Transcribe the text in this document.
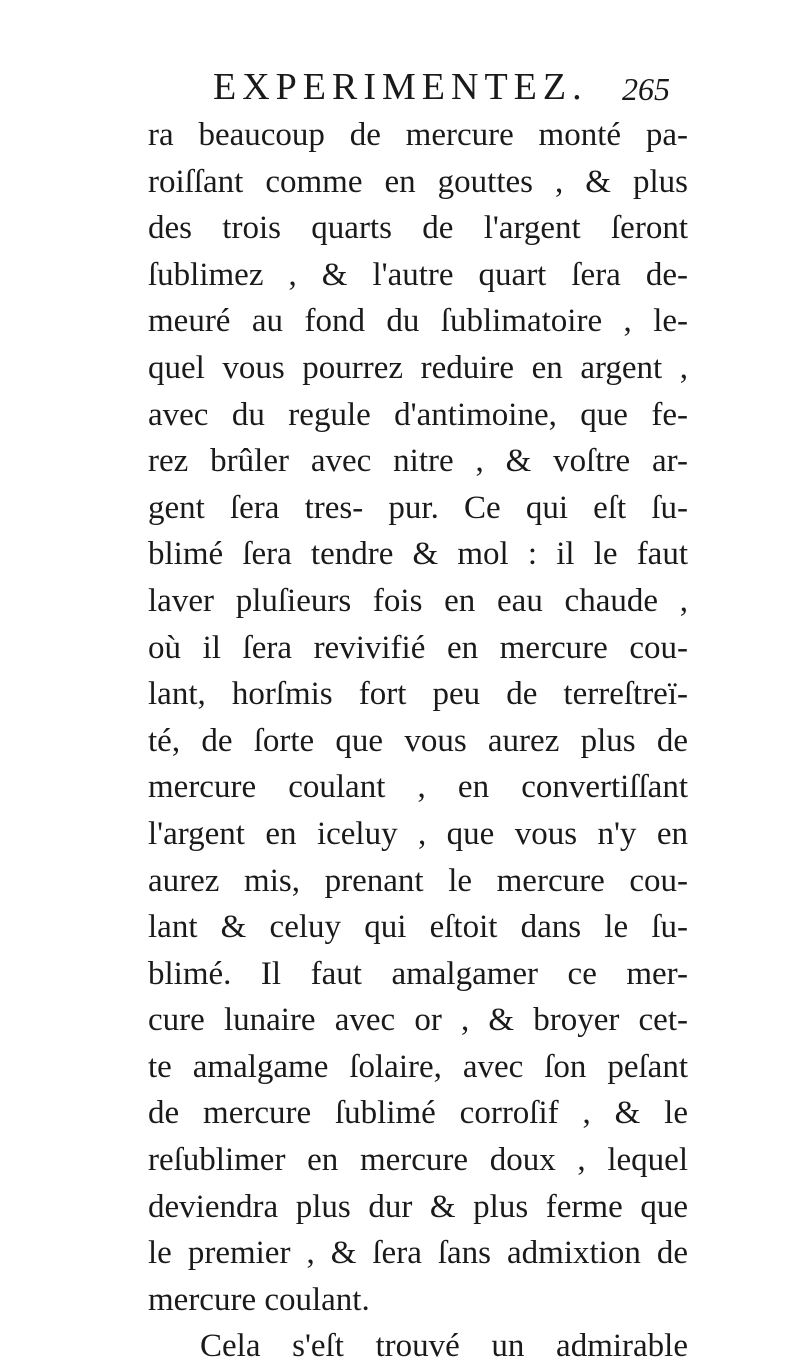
EXPERIMENTEZ. 265
ra beaucoup de mercure monté pa-
roiſſant comme en gouttes , & plus
des trois quarts de l'argent ſeront
ſublimez , & l'autre quart ſera de-
meuré au fond du ſublimatoire , le-
quel vous pourrez reduire en argent ,
avec du regule d'antimoine, que fe-
rez brûler avec nitre , & voſtre ar-
gent ſera tres- pur. Ce qui eſt ſu-
blimé ſera tendre & mol : il le faut
laver pluſieurs fois en eau chaude ,
où il ſera revivifié en mercure cou-
lant, horſmis fort peu de terreſtreï-
té, de ſorte que vous aurez plus de
mercure coulant , en convertiſſant
l'argent en iceluy , que vous n'y en
aurez mis, prenant le mercure cou-
lant & celuy qui eſtoit dans le ſu-
blimé. Il faut amalgamer ce mer-
cure lunaire avec or , & broyer cet-
te amalgame ſolaire, avec ſon peſant
de mercure ſublimé corroſif , & le
reſublimer en mercure doux , lequel
deviendra plus dur & plus ferme que
le premier , & ſera ſans admixtion de
mercure coulant.
Cela s'eſt trouvé un admirable
